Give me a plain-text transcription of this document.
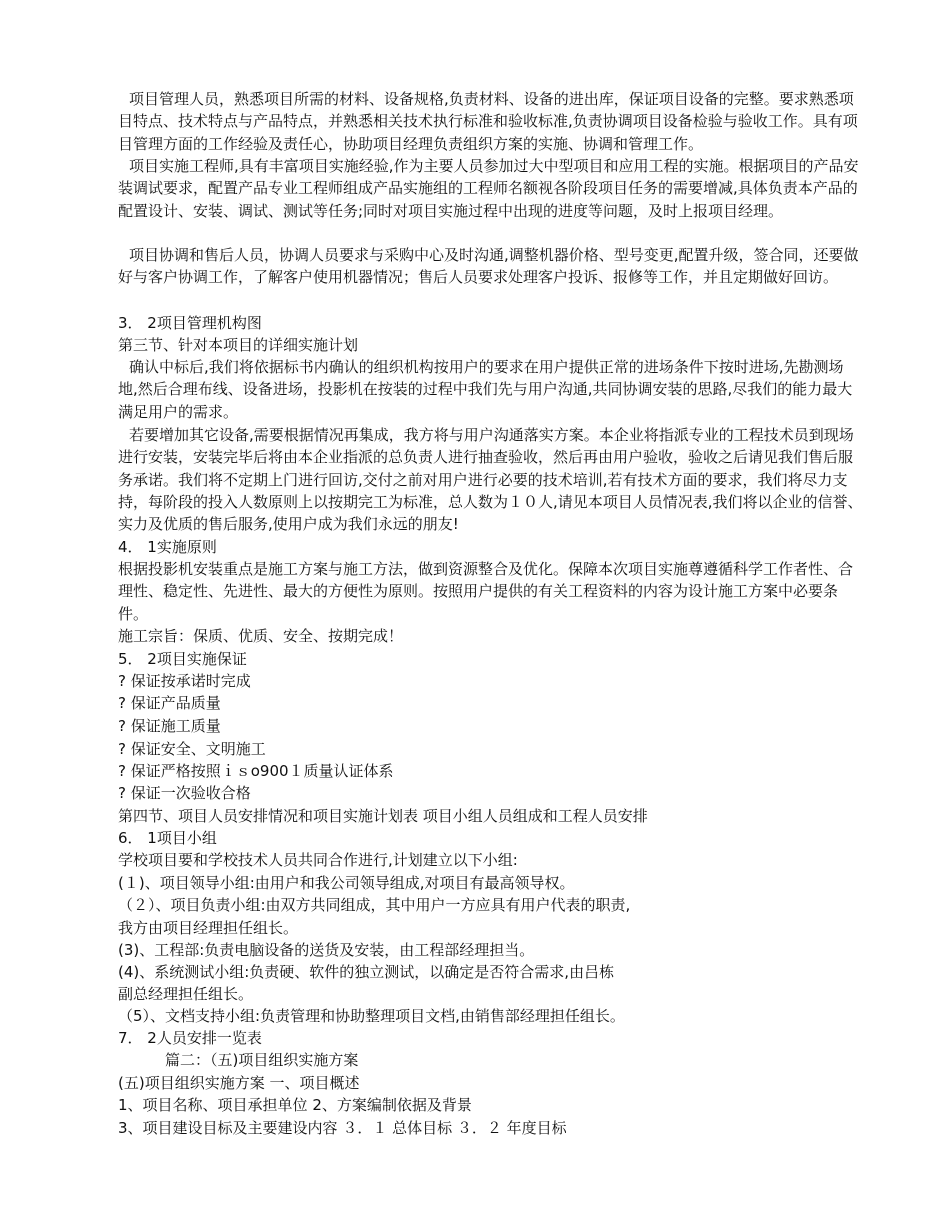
项目管理人员，熟悉项目所需的材料、设备规格,负责材料、设备的进出库，保证项目设备的完整。要求熟悉项目特点、技术特点与产品特点，并熟悉相关技术执行标准和验收标准,负责协调项目设备检验与验收工作。具有项目管理方面的工作经验及责任心，协助项目经理负责组织方案的实施、协调和管理工作。

项目实施工程师,具有丰富项目实施经验,作为主要人员参加过大中型项目和应用工程的实施。根据项目的产品安装调试要求，配置产品专业工程师组成产品实施组的工程师名额视各阶段项目任务的需要增减,具体负责本产品的配置设计、安装、调试、测试等任务;同时对项目实施过程中出现的进度等问题，及时上报项目经理。

项目协调和售后人员，协调人员要求与采购中心及时沟通,调整机器价格、型号变更,配置升级，签合同，还要做好与客户协调工作，了解客户使用机器情况；售后人员要求处理客户投诉、报修等工作，并且定期做好回访。

3． 2项目管理机构图
第三节、针对本项目的详细实施计划

确认中标后,我们将依据标书内确认的组织机构按用户的要求在用户提供正常的进场条件下按时进场,先勘测场地,然后合理布线、设备进场，投影机在按装的过程中我们先与用户沟通,共同协调安装的思路,尽我们的能力最大满足用户的需求。

若要增加其它设备,需要根据情况再集成，我方将与用户沟通落实方案。本企业将指派专业的工程技术员到现场进行安装，安装完毕后将由本企业指派的总负责人进行抽查验收，然后再由用户验收，验收之后请见我们售后服务承诺。我们将不定期上门进行回访,交付之前对用户进行必要的技术培训,若有技术方面的要求，我们将尽力支持，每阶段的投入人数原则上以按期完工为标准，总人数为１０人,请见本项目人员情况表,我们将以企业的信誉、实力及优质的售后服务,使用户成为我们永远的朋友!

4． 1实施原则

根据投影机安装重点是施工方案与施工方法，做到资源整合及优化。保障本次项目实施尊遵循科学工作者性、合理性、稳定性、先进性、最大的方便性为原则。按照用户提供的有关工程资料的内容为设计施工方案中必要条件。

施工宗旨：保质、优质、安全、按期完成！
5． 2项目实施保证
? 保证按承诺时完成
? 保证产品质量
? 保证施工质量
? 保证安全、文明施工
? 保证严格按照ｉｓo900１质量认证体系
? 保证一次验收合格
第四节、项目人员安排情况和项目实施计划表 项目小组人员组成和工程人员安排
6． 1项目小组
学校项目要和学校技术人员共同合作进行,计划建立以下小组:
(１)、项目领导小组:由用户和我公司领导组成,对项目有最高领导权。
（２）、项目负责小组:由双方共同组成，其中用户一方应具有用户代表的职责,
我方由项目经理担任组长。
(3)、工程部:负责电脑设备的送货及安装，由工程部经理担当。
(4)、系统测试小组:负责硬、软件的独立测试，以确定是否符合需求,由吕栋
副总经理担任组长。
（5）、文档支持小组:负责管理和协助整理项目文档,由销售部经理担任组长。
7． 2人员安排一览表
篇二：（五)项目组织实施方案
(五)项目组织实施方案 一、项目概述
1、项目名称、项目承担单位 2、方案编制依据及背景
3、项目建设目标及主要建设内容 ３．１ 总体目标 ３．２ 年度目标
